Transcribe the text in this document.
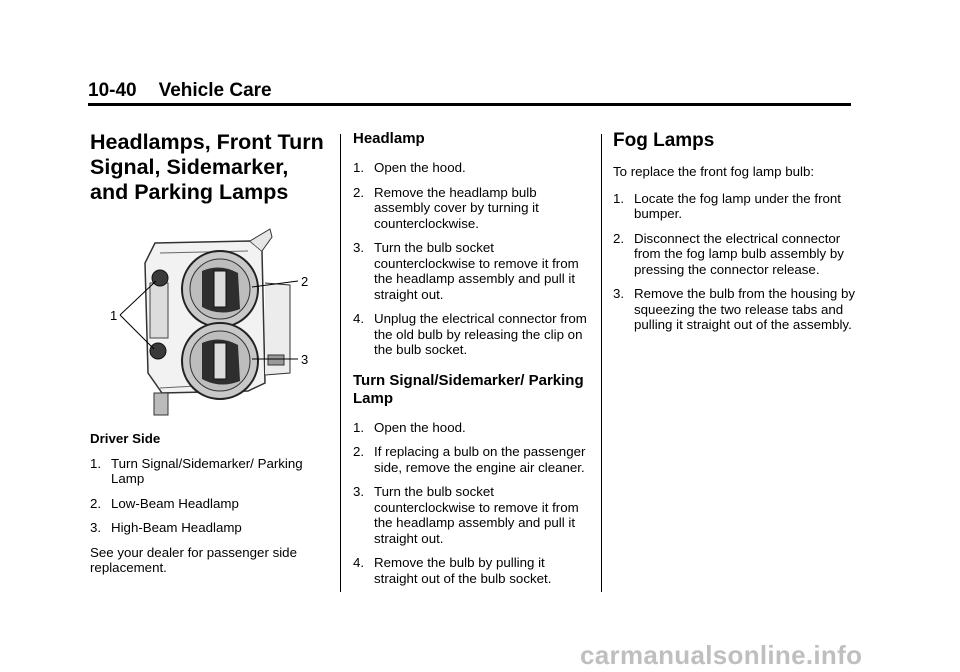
10-40 Vehicle Care
Headlamps, Front Turn Signal, Sidemarker, and Parking Lamps
1
2
3
Driver Side
1. Turn Signal/Sidemarker/ Parking Lamp
2. Low-Beam Headlamp
3. High-Beam Headlamp

See your dealer for passenger side replacement.

Headlamp
1. Open the hood.
2. Remove the headlamp bulb assembly cover by turning it counterclockwise.
3. Turn the bulb socket counterclockwise to remove it from the headlamp assembly and pull it straight out.
4. Unplug the electrical connector from the old bulb by releasing the clip on the bulb socket.
Turn Signal/Sidemarker/ Parking Lamp
1. Open the hood.
2. If replacing a bulb on the passenger side, remove the engine air cleaner.
3. Turn the bulb socket counterclockwise to remove it from the headlamp assembly and pull it straight out.
4. Remove the bulb by pulling it straight out of the bulb socket.
Fog Lamps

To replace the front fog lamp bulb:

1. Locate the fog lamp under the front bumper.
2. Disconnect the electrical connector from the fog lamp bulb assembly by pressing the connector release.
3. Remove the bulb from the housing by squeezing the two release tabs and pulling it straight out of the assembly.
carmanualsonline.info
